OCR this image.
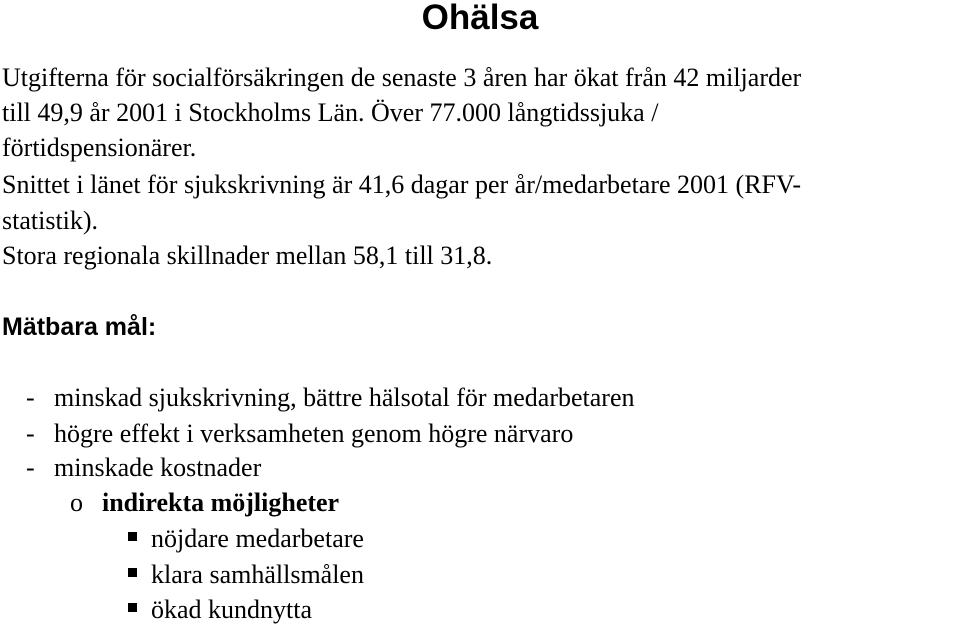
Ohälsa
Utgifterna för socialförsäkringen de senaste 3 åren har ökat från 42 miljarder
till 49,9 år 2001 i Stockholms Län. Över 77.000 långtidssjuka /
förtidspensionärer.
Snittet i länet för sjukskrivning är 41,6 dagar per år/medarbetare 2001 (RFV-
statistik).
Stora regionala skillnader mellan 58,1 till 31,8.
Mätbara mål:
- minskad sjukskrivning, bättre hälsotal för medarbetaren
- högre effekt i verksamheten genom högre närvaro
- minskade kostnader
o indirekta möjligheter
nöjdare medarbetare
klara samhällsmålen
ökad kundnytta
